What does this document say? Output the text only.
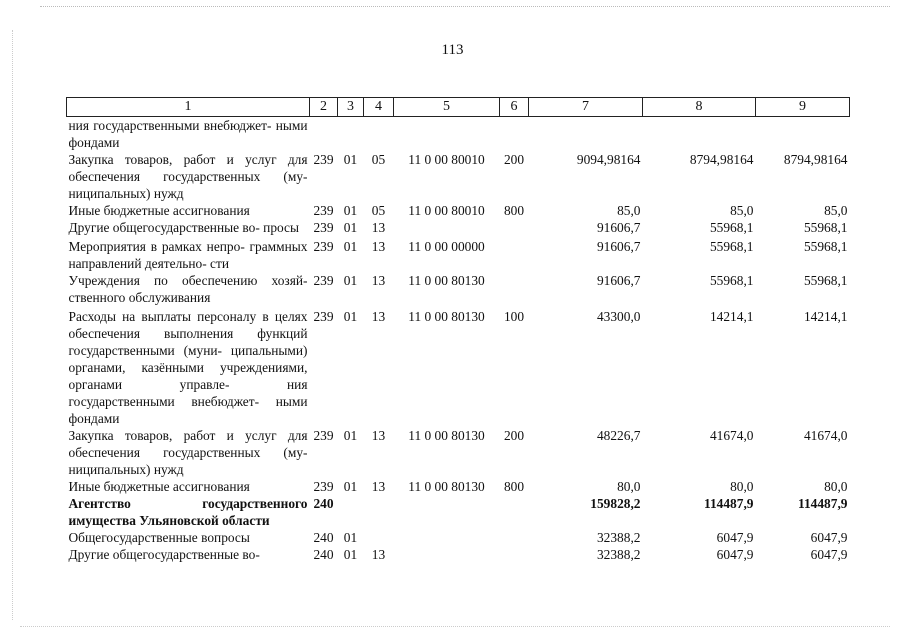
113
1	2	3	4	5	6	7	8	9
ния государственными внебюджет- ными фондами								
Закупка товаров, работ и услуг для обеспечения государственных (му- ниципальных) нужд	239	01	05	11 0 00 80010	200	9094,98164	8794,98164	8794,98164
Иные бюджетные ассигнования	239	01	05	11 0 00 80010	800	85,0	85,0	85,0
Другие общегосударственные во- просы	239	01	13			91606,7	55968,1	55968,1
Мероприятия в рамках непро- граммных направлений деятельно- сти	239	01	13	11 0 00 00000		91606,7	55968,1	55968,1
Учреждения по обеспечению хозяй- ственного обслуживания	239	01	13	11 0 00 80130		91606,7	55968,1	55968,1
Расходы на выплаты персоналу в целях обеспечения выполнения функций государственными (муни- ципальными) органами, казёнными учреждениями, органами управле- ния государственными внебюджет- ными фондами	239	01	13	11 0 00 80130	100	43300,0	14214,1	14214,1
Закупка товаров, работ и услуг для обеспечения государственных (му- ниципальных) нужд	239	01	13	11 0 00 80130	200	48226,7	41674,0	41674,0
Иные бюджетные ассигнования	239	01	13	11 0 00 80130	800	80,0	80,0	80,0
Агентство государственного имущества Ульяновской области	240					159828,2	114487,9	114487,9
Общегосударственные вопросы	240	01				32388,2	6047,9	6047,9
Другие общегосударственные во-	240	01	13			32388,2	6047,9	6047,9
